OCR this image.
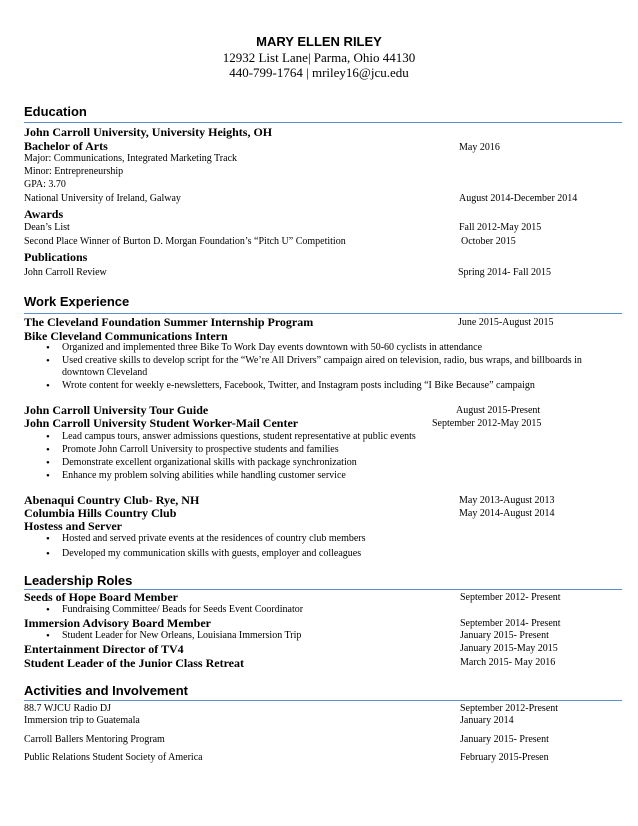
MARY ELLEN RILEY
12932 List Lane| Parma, Ohio 44130
440-799-1764 | mriley16@jcu.edu
Education
John Carroll University, University Heights, OH
Bachelor of Arts	May 2016
Major: Communications, Integrated Marketing Track
Minor: Entrepreneurship
GPA: 3.70
National University of Ireland, Galway	August 2014-December 2014
Awards
Dean’s List	Fall 2012-May 2015
Second Place Winner of Burton D. Morgan Foundation’s “Pitch U” Competition	October 2015
Publications
John Carroll Review	Spring 2014- Fall 2015
Work Experience
The Cleveland Foundation Summer Internship Program	June 2015-August 2015
Bike Cleveland Communications Intern
• Organized and implemented three Bike To Work Day events downtown with 50-60 cyclists in attendance
• Used creative skills to develop script for the “We’re All Drivers” campaign aired on television, radio, bus wraps, and billboards in
downtown Cleveland
• Wrote content for weekly e-newsletters, Facebook, Twitter, and Instagram posts including “I Bike Because” campaign
John Carroll University Tour Guide	August 2015-Present
John Carroll University Student Worker-Mail Center	September 2012-May 2015
• Lead campus tours, answer admissions questions, student representative at public events
• Promote John Carroll University to prospective students and families
• Demonstrate excellent organizational skills with package synchronization
• Enhance my problem solving abilities while handling customer service
Abenaqui Country Club- Rye, NH	May 2013-August 2013
Columbia Hills Country Club	May 2014-August 2014
Hostess and Server
• Hosted and served private events at the residences of country club members
• Developed my communication skills with guests, employer and colleagues
Leadership Roles
Seeds of Hope Board Member	September 2012- Present
• Fundraising Committee/ Beads for Seeds Event Coordinator
Immersion Advisory Board Member	September 2014- Present
• Student Leader for New Orleans, Louisiana Immersion Trip	January 2015- Present
Entertainment Director of TV4	January 2015-May 2015
Student Leader of the Junior Class Retreat	March 2015- May 2016
Activities and Involvement
88.7 WJCU Radio DJ	September 2012-Present
Immersion trip to Guatemala	January 2014
Carroll Ballers Mentoring Program	January 2015- Present
Public Relations Student Society of America	February 2015-Presen
